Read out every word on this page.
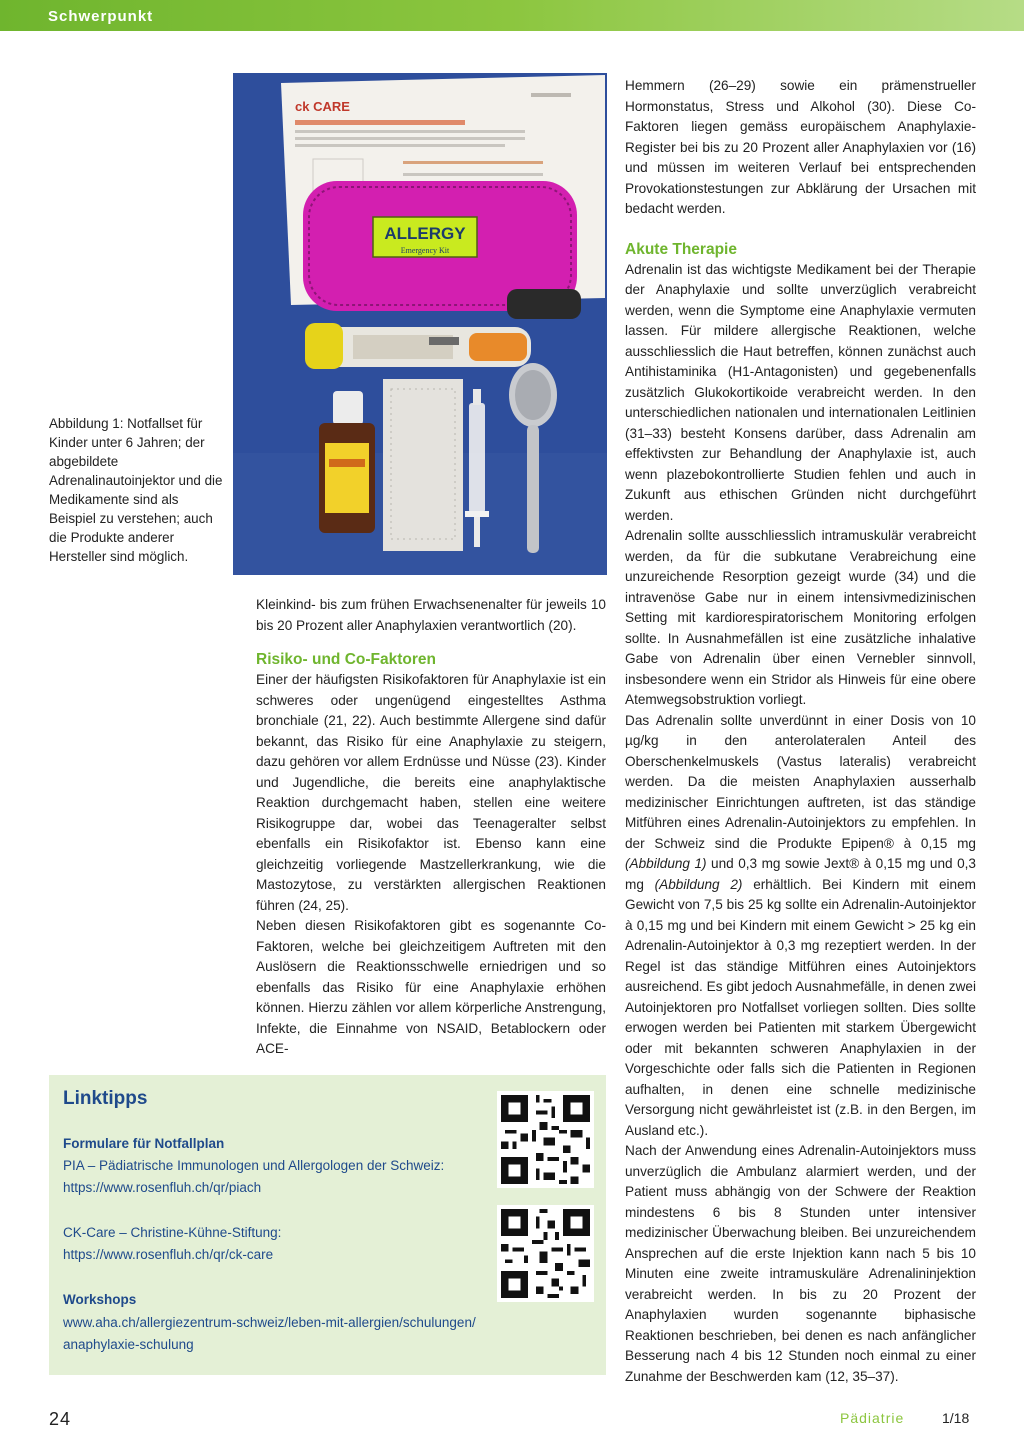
Schwerpunkt
ck CARE
ALLERGY
Emergency Kit
Abbildung 1: Notfallset für Kinder unter 6 Jahren; der abgebildete Adrenalinautoinjektor und die Medikamente sind als Beispiel zu verstehen; auch die Produkte anderer Hersteller sind möglich.

Kleinkind- bis zum frühen Erwachsenenalter für jeweils 10 bis 20 Prozent aller Anaphylaxien verantwortlich (20).

Risiko- und Co-Faktoren

Einer der häufigsten Risikofaktoren für Anaphylaxie ist ein schweres oder ungenügend eingestelltes Asthma bronchiale (21, 22). Auch bestimmte Allergene sind dafür bekannt, das Risiko für eine Anaphylaxie zu steigern, dazu gehören vor allem Erdnüsse und Nüsse (23). Kinder und Jugendliche, die bereits eine anaphylaktische Reaktion durchgemacht haben, stellen eine weitere Risikogruppe dar, wobei das Teenageralter selbst ebenfalls ein Risikofaktor ist. Ebenso kann eine gleichzeitig vorliegende Mastzellerkrankung, wie die Mastozytose, zu verstärkten allergischen Reaktionen führen (24, 25).

Neben diesen Risikofaktoren gibt es sogenannte Co-Faktoren, welche bei gleichzeitigem Auftreten mit den Auslösern die Reaktionsschwelle erniedrigen und so ebenfalls das Risiko für eine Anaphylaxie erhöhen können. Hierzu zählen vor allem körperliche Anstrengung, Infekte, die Einnahme von NSAID, Betablockern oder ACE-

Hemmern (26–29) sowie ein prämenstrueller Hormonstatus, Stress und Alkohol (30). Diese Co-Faktoren liegen gemäss europäischem Anaphylaxie-Register bei bis zu 20 Prozent aller Anaphylaxien vor (16) und müssen im weiteren Verlauf bei entsprechenden Provokationstestungen zur Abklärung der Ursachen mit bedacht werden.

Akute Therapie

Adrenalin ist das wichtigste Medikament bei der Therapie der Anaphylaxie und sollte unverzüglich verabreicht werden, wenn die Symptome eine Anaphylaxie vermuten lassen. Für mildere allergische Reaktionen, welche ausschliesslich die Haut betreffen, können zunächst auch Antihistaminika (H1-Antagonisten) und gegebenenfalls zusätzlich Glukokortikoide verabreicht werden. In den unterschiedlichen nationalen und internationalen Leitlinien (31–33) besteht Konsens darüber, dass Adrenalin am effektivsten zur Behandlung der Anaphylaxie ist, auch wenn plazebokontrollierte Studien fehlen und auch in Zukunft aus ethischen Gründen nicht durchgeführt werden.

Adrenalin sollte ausschliesslich intramuskulär verabreicht werden, da für die subkutane Verabreichung eine unzureichende Resorption gezeigt wurde (34) und die intravenöse Gabe nur in einem intensivmedizinischen Setting mit kardiorespiratorischem Monitoring erfolgen sollte. In Ausnahmefällen ist eine zusätzliche inhalative Gabe von Adrenalin über einen Vernebler sinnvoll, insbesondere wenn ein Stridor als Hinweis für eine obere Atemwegsobstruktion vorliegt.

Das Adrenalin sollte unverdünnt in einer Dosis von 10 µg/kg in den anterolateralen Anteil des Oberschenkelmuskels (Vastus lateralis) verabreicht werden. Da die meisten Anaphylaxien ausserhalb medizinischer Einrichtungen auftreten, ist das ständige Mitführen eines Adrenalin-Autoinjektors zu empfehlen. In der Schweiz sind die Produkte Epipen® à 0,15 mg (Abbildung 1) und 0,3 mg sowie Jext® à 0,15 mg und 0,3 mg (Abbildung 2) erhältlich. Bei Kindern mit einem Gewicht von 7,5 bis 25 kg sollte ein Adrenalin-Autoinjektor à 0,15 mg und bei Kindern mit einem Gewicht > 25 kg ein Adrenalin-Autoinjektor à 0,3 mg rezeptiert werden. In der Regel ist das ständige Mitführen eines Autoinjektors ausreichend. Es gibt jedoch Ausnahmefälle, in denen zwei Autoinjektoren pro Notfallset vorliegen sollten. Dies sollte erwogen werden bei Patienten mit starkem Übergewicht oder mit bekannten schweren Anaphylaxien in der Vorgeschichte oder falls sich die Patienten in Regionen aufhalten, in denen eine schnelle medizinische Versorgung nicht gewährleistet ist (z.B. in den Bergen, im Ausland etc.).

Nach der Anwendung eines Adrenalin-Autoinjektors muss unverzüglich die Ambulanz alarmiert werden, und der Patient muss abhängig von der Schwere der Reaktion mindestens 6 bis 8 Stunden unter intensiver medizinischer Überwachung bleiben. Bei unzureichendem Ansprechen auf die erste Injektion kann nach 5 bis 10 Minuten eine zweite intramuskuläre Adrenalininjektion verabreicht werden. In bis zu 20 Prozent der Anaphylaxien wurden sogenannte biphasische Reaktionen beschrieben, bei denen es nach anfänglicher Besserung nach 4 bis 12 Stunden noch einmal zu einer Zunahme der Beschwerden kam (12, 35–37).

Linktipps
Formulare für Notfallplan
PIA – Pädiatrische Immunologen und Allergologen der Schweiz:
https://www.rosenfluh.ch/qr/piach
CK-Care – Christine-Kühne-Stiftung:
https://www.rosenfluh.ch/qr/ck-care
Workshops
www.aha.ch/allergiezentrum-schweiz/leben-mit-allergien/schulungen/
anaphylaxie-schulung
24	Pädiatrie	1/18
